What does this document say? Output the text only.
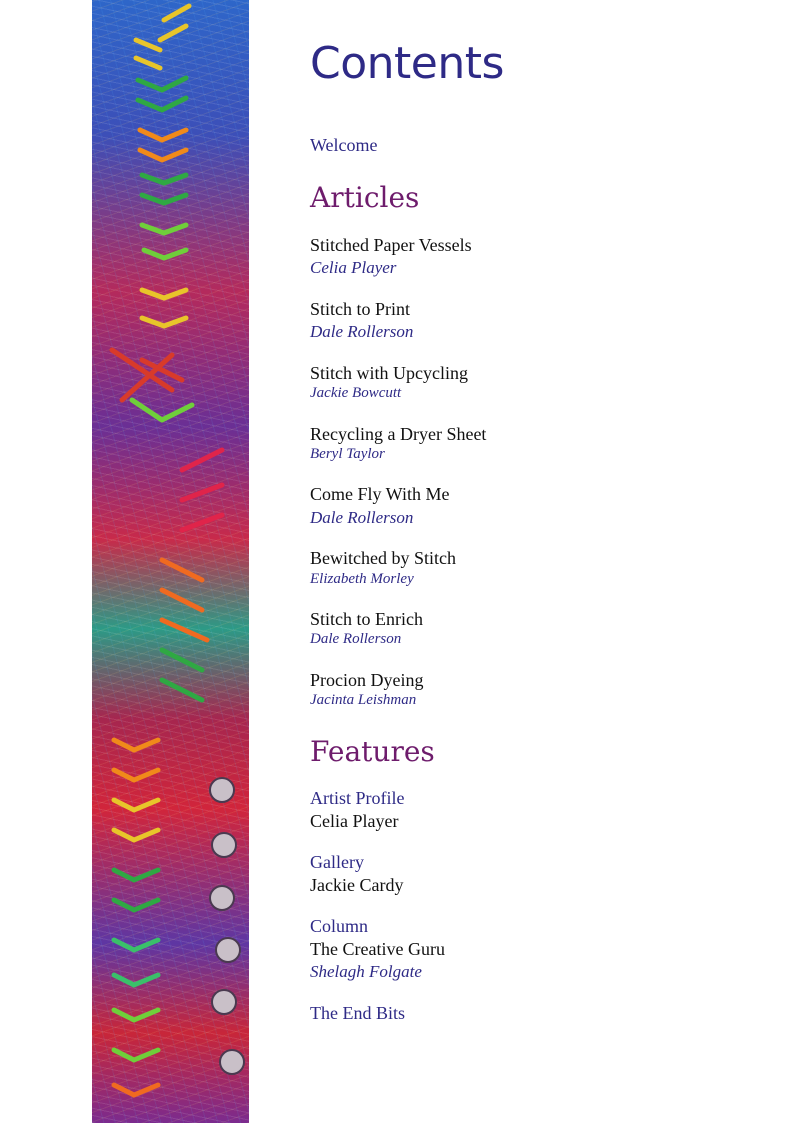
Contents
Welcome
Articles
Stitched Paper Vessels
Celia Player
Stitch to Print
Dale Rollerson
Stitch with Upcycling
Jackie Bowcutt
Recycling a Dryer Sheet
Beryl Taylor
Come Fly With Me
Dale Rollerson
Bewitched by Stitch
Elizabeth Morley
Stitch to Enrich
Dale Rollerson
Procion Dyeing
Jacinta Leishman
Features
Artist Profile
Celia Player
Gallery
Jackie Cardy
Column
The Creative Guru
Shelagh Folgate
The End Bits
